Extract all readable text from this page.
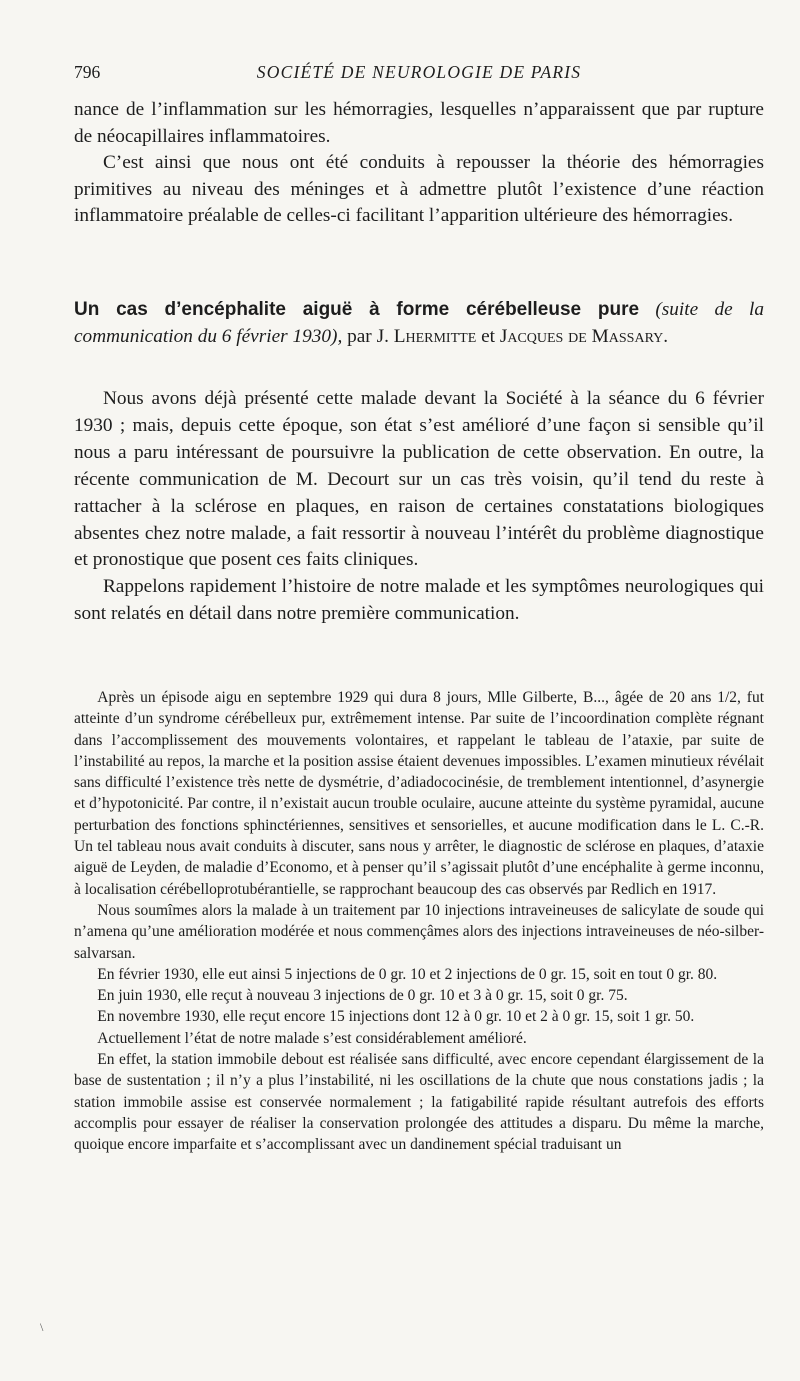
796	SOCIÉTÉ DE NEUROLOGIE DE PARIS

nance de l’inflammation sur les hémorragies, lesquelles n’apparaissent que par rupture de néocapillaires inflammatoires.

C’est ainsi que nous ont été conduits à repousser la théorie des hémorragies primitives au niveau des méninges et à admettre plutôt l’existence d’une réaction inflammatoire préalable de celles-ci facilitant l’apparition ultérieure des hémorragies.

Un cas d’encéphalite aiguë à forme cérébelleuse pure (suite de la communication du 6 février 1930), par J. Lhermitte et Jacques de Massary.

Nous avons déjà présenté cette malade devant la Société à la séance du 6 février 1930 ; mais, depuis cette époque, son état s’est amélioré d’une façon si sensible qu’il nous a paru intéressant de poursuivre la publication de cette observation. En outre, la récente communication de M. Decourt sur un cas très voisin, qu’il tend du reste à rattacher à la sclérose en plaques, en raison de certaines constatations biologiques absentes chez notre malade, a fait ressortir à nouveau l’intérêt du problème diagnostique et pronostique que posent ces faits cliniques.

Rappelons rapidement l’histoire de notre malade et les symptômes neurologiques qui sont relatés en détail dans notre première communication.

Après un épisode aigu en septembre 1929 qui dura 8 jours, Mlle Gilberte, B..., âgée de 20 ans 1/2, fut atteinte d’un syndrome cérébelleux pur, extrêmement intense. Par suite de l’incoordination complète régnant dans l’accomplissement des mouvements volontaires, et rappelant le tableau de l’ataxie, par suite de l’instabilité au repos, la marche et la position assise étaient devenues impossibles. L’examen minutieux révélait sans difficulté l’existence très nette de dysmétrie, d’adiadococinésie, de tremblement intentionnel, d’asynergie et d’hypotonicité. Par contre, il n’existait aucun trouble oculaire, aucune atteinte du système pyramidal, aucune perturbation des fonctions sphinctériennes, sensitives et sensorielles, et aucune modification dans le L. C.-R. Un tel tableau nous avait conduits à discuter, sans nous y arrêter, le diagnostic de sclérose en plaques, d’ataxie aiguë de Leyden, de maladie d’Economo, et à penser qu’il s’agissait plutôt d’une encéphalite à germe inconnu, à localisation cérébelloprotubérantielle, se rapprochant beaucoup des cas observés par Redlich en 1917.

Nous soumîmes alors la malade à un traitement par 10 injections intraveineuses de salicylate de soude qui n’amena qu’une amélioration modérée et nous commençâmes alors des injections intraveineuses de néo-silber-salvarsan.

En février 1930, elle eut ainsi 5 injections de 0 gr. 10 et 2 injections de 0 gr. 15, soit en tout 0 gr. 80.

En juin 1930, elle reçut à nouveau 3 injections de 0 gr. 10 et 3 à 0 gr. 15, soit 0 gr. 75.

En novembre 1930, elle reçut encore 15 injections dont 12 à 0 gr. 10 et 2 à 0 gr. 15, soit 1 gr. 50.

Actuellement l’état de notre malade s’est considérablement amélioré.

En effet, la station immobile debout est réalisée sans difficulté, avec encore cependant élargissement de la base de sustentation ; il n’y a plus l’instabilité, ni les oscillations de la chute que nous constations jadis ; la station immobile assise est conservée normalement ; la fatigabilité rapide résultant autrefois des efforts accomplis pour essayer de réaliser la conservation prolongée des attitudes a disparu. Du même la marche, quoique encore imparfaite et s’accomplissant avec un dandinement spécial traduisant un

\
